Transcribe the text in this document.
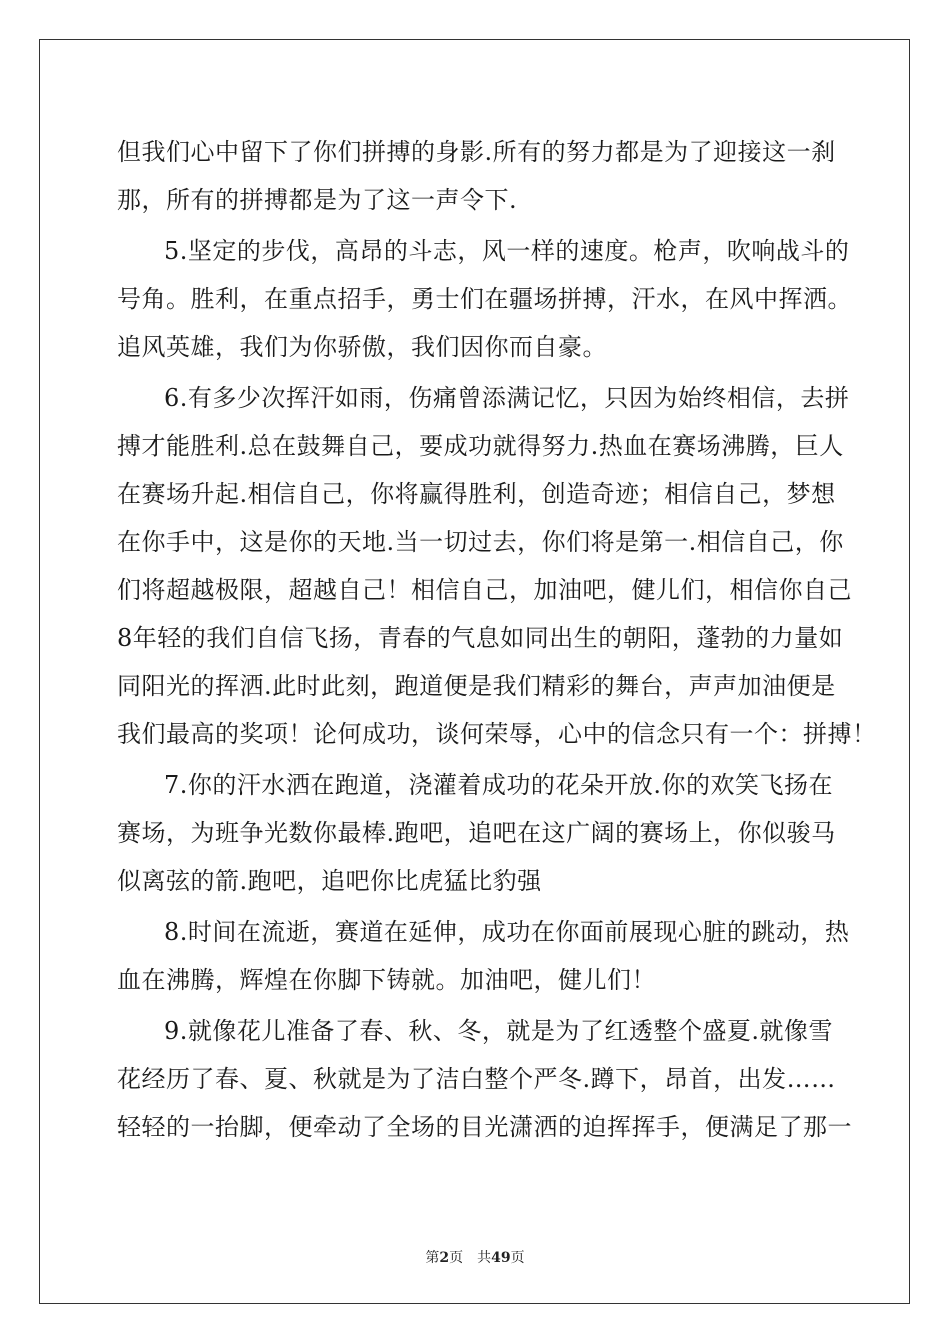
但我们心中留下了你们拼搏的身影.所有的努力都是为了迎接这一刹
那，所有的拼搏都是为了这一声令下.
5.坚定的步伐，高昂的斗志，风一样的速度。枪声，吹响战斗的
号角。胜利，在重点招手，勇士们在疆场拼搏，汗水，在风中挥洒。
追风英雄，我们为你骄傲，我们因你而自豪。
6.有多少次挥汗如雨，伤痛曾添满记忆，只因为始终相信，去拼
搏才能胜利.总在鼓舞自己，要成功就得努力.热血在赛场沸腾，巨人
在赛场升起.相信自己，你将赢得胜利，创造奇迹；相信自己，梦想
在你手中，这是你的天地.当一切过去，你们将是第一.相信自己，你
们将超越极限，超越自己！相信自己，加油吧，健儿们，相信你自己
8年轻的我们自信飞扬，青春的气息如同出生的朝阳，蓬勃的力量如
同阳光的挥洒.此时此刻，跑道便是我们精彩的舞台，声声加油便是
我们最高的奖项！论何成功，谈何荣辱，心中的信念只有一个：拼搏！
7.你的汗水洒在跑道，浇灌着成功的花朵开放.你的欢笑飞扬在
赛场，为班争光数你最棒.跑吧，追吧在这广阔的赛场上，你似骏马
似离弦的箭.跑吧，追吧你比虎猛比豹强
8.时间在流逝，赛道在延伸，成功在你面前展现心脏的跳动，热
血在沸腾，辉煌在你脚下铸就。加油吧，健儿们！
9.就像花儿准备了春、秋、冬，就是为了红透整个盛夏.就像雪
花经历了春、夏、秋就是为了洁白整个严冬.蹲下，昂首，出发……
轻轻的一抬脚，便牵动了全场的目光潇洒的迫挥挥手，便满足了那一
第2页 共49页
